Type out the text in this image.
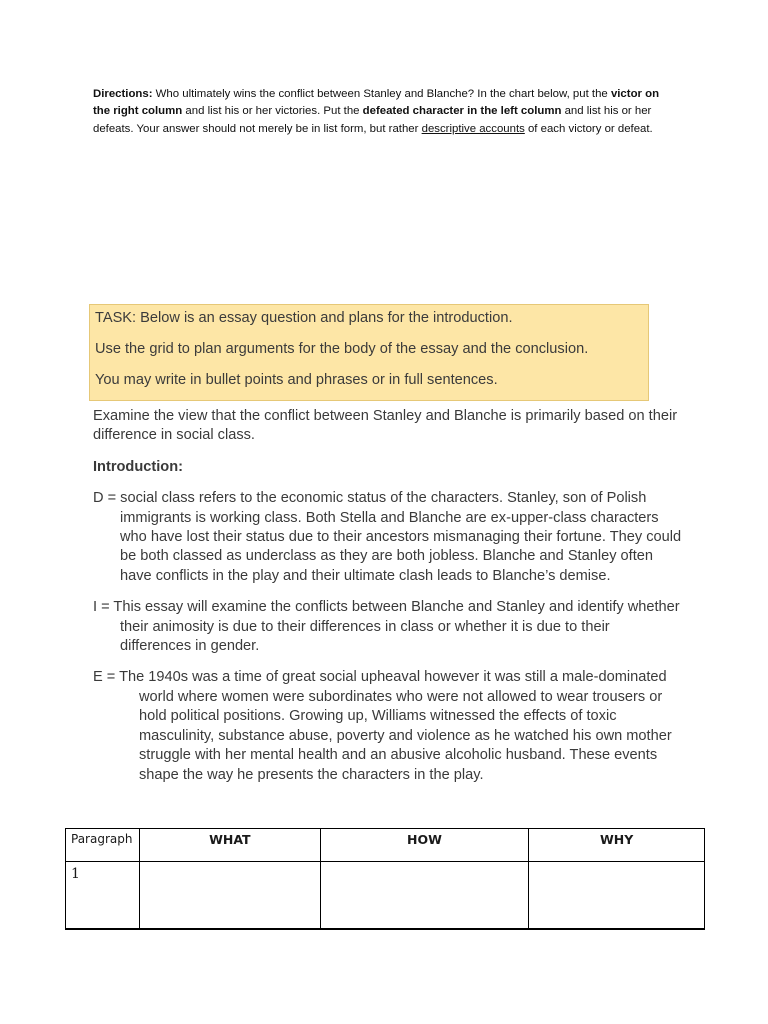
Directions: Who ultimately wins the conflict between Stanley and Blanche? In the chart below, put the victor on the right column and list his or her victories. Put the defeated character in the left column and list his or her defeats. Your answer should not merely be in list form, but rather descriptive accounts of each victory or defeat.
TASK: Below is an essay question and plans for the introduction.
Use the grid to plan arguments for the body of the essay and the conclusion.
You may write in bullet points and phrases or in full sentences.

Examine the view that the conflict between Stanley and Blanche is primarily based on their difference in social class.

Introduction:

D = social class refers to the economic status of the characters. Stanley, son of Polish immigrants is working class. Both Stella and Blanche are ex-upper-class characters who have lost their status due to their ancestors mismanaging their fortune. They could be both classed as underclass as they are both jobless. Blanche and Stanley often have conflicts in the play and their ultimate clash leads to Blanche’s demise.

I = This essay will examine the conflicts between Blanche and Stanley and identify whether their animosity is due to their differences in class or whether it is due to their differences in gender.

E = The 1940s was a time of great social upheaval however it was still a male-dominated world where women were subordinates who were not allowed to wear trousers or hold political positions. Growing up, Williams witnessed the effects of toxic masculinity, substance abuse, poverty and violence as he watched his own mother struggle with her mental health and an abusive alcoholic husband. These events shape the way he presents the characters in the play.

Paragraph	WHAT	HOW	WHY
1			
